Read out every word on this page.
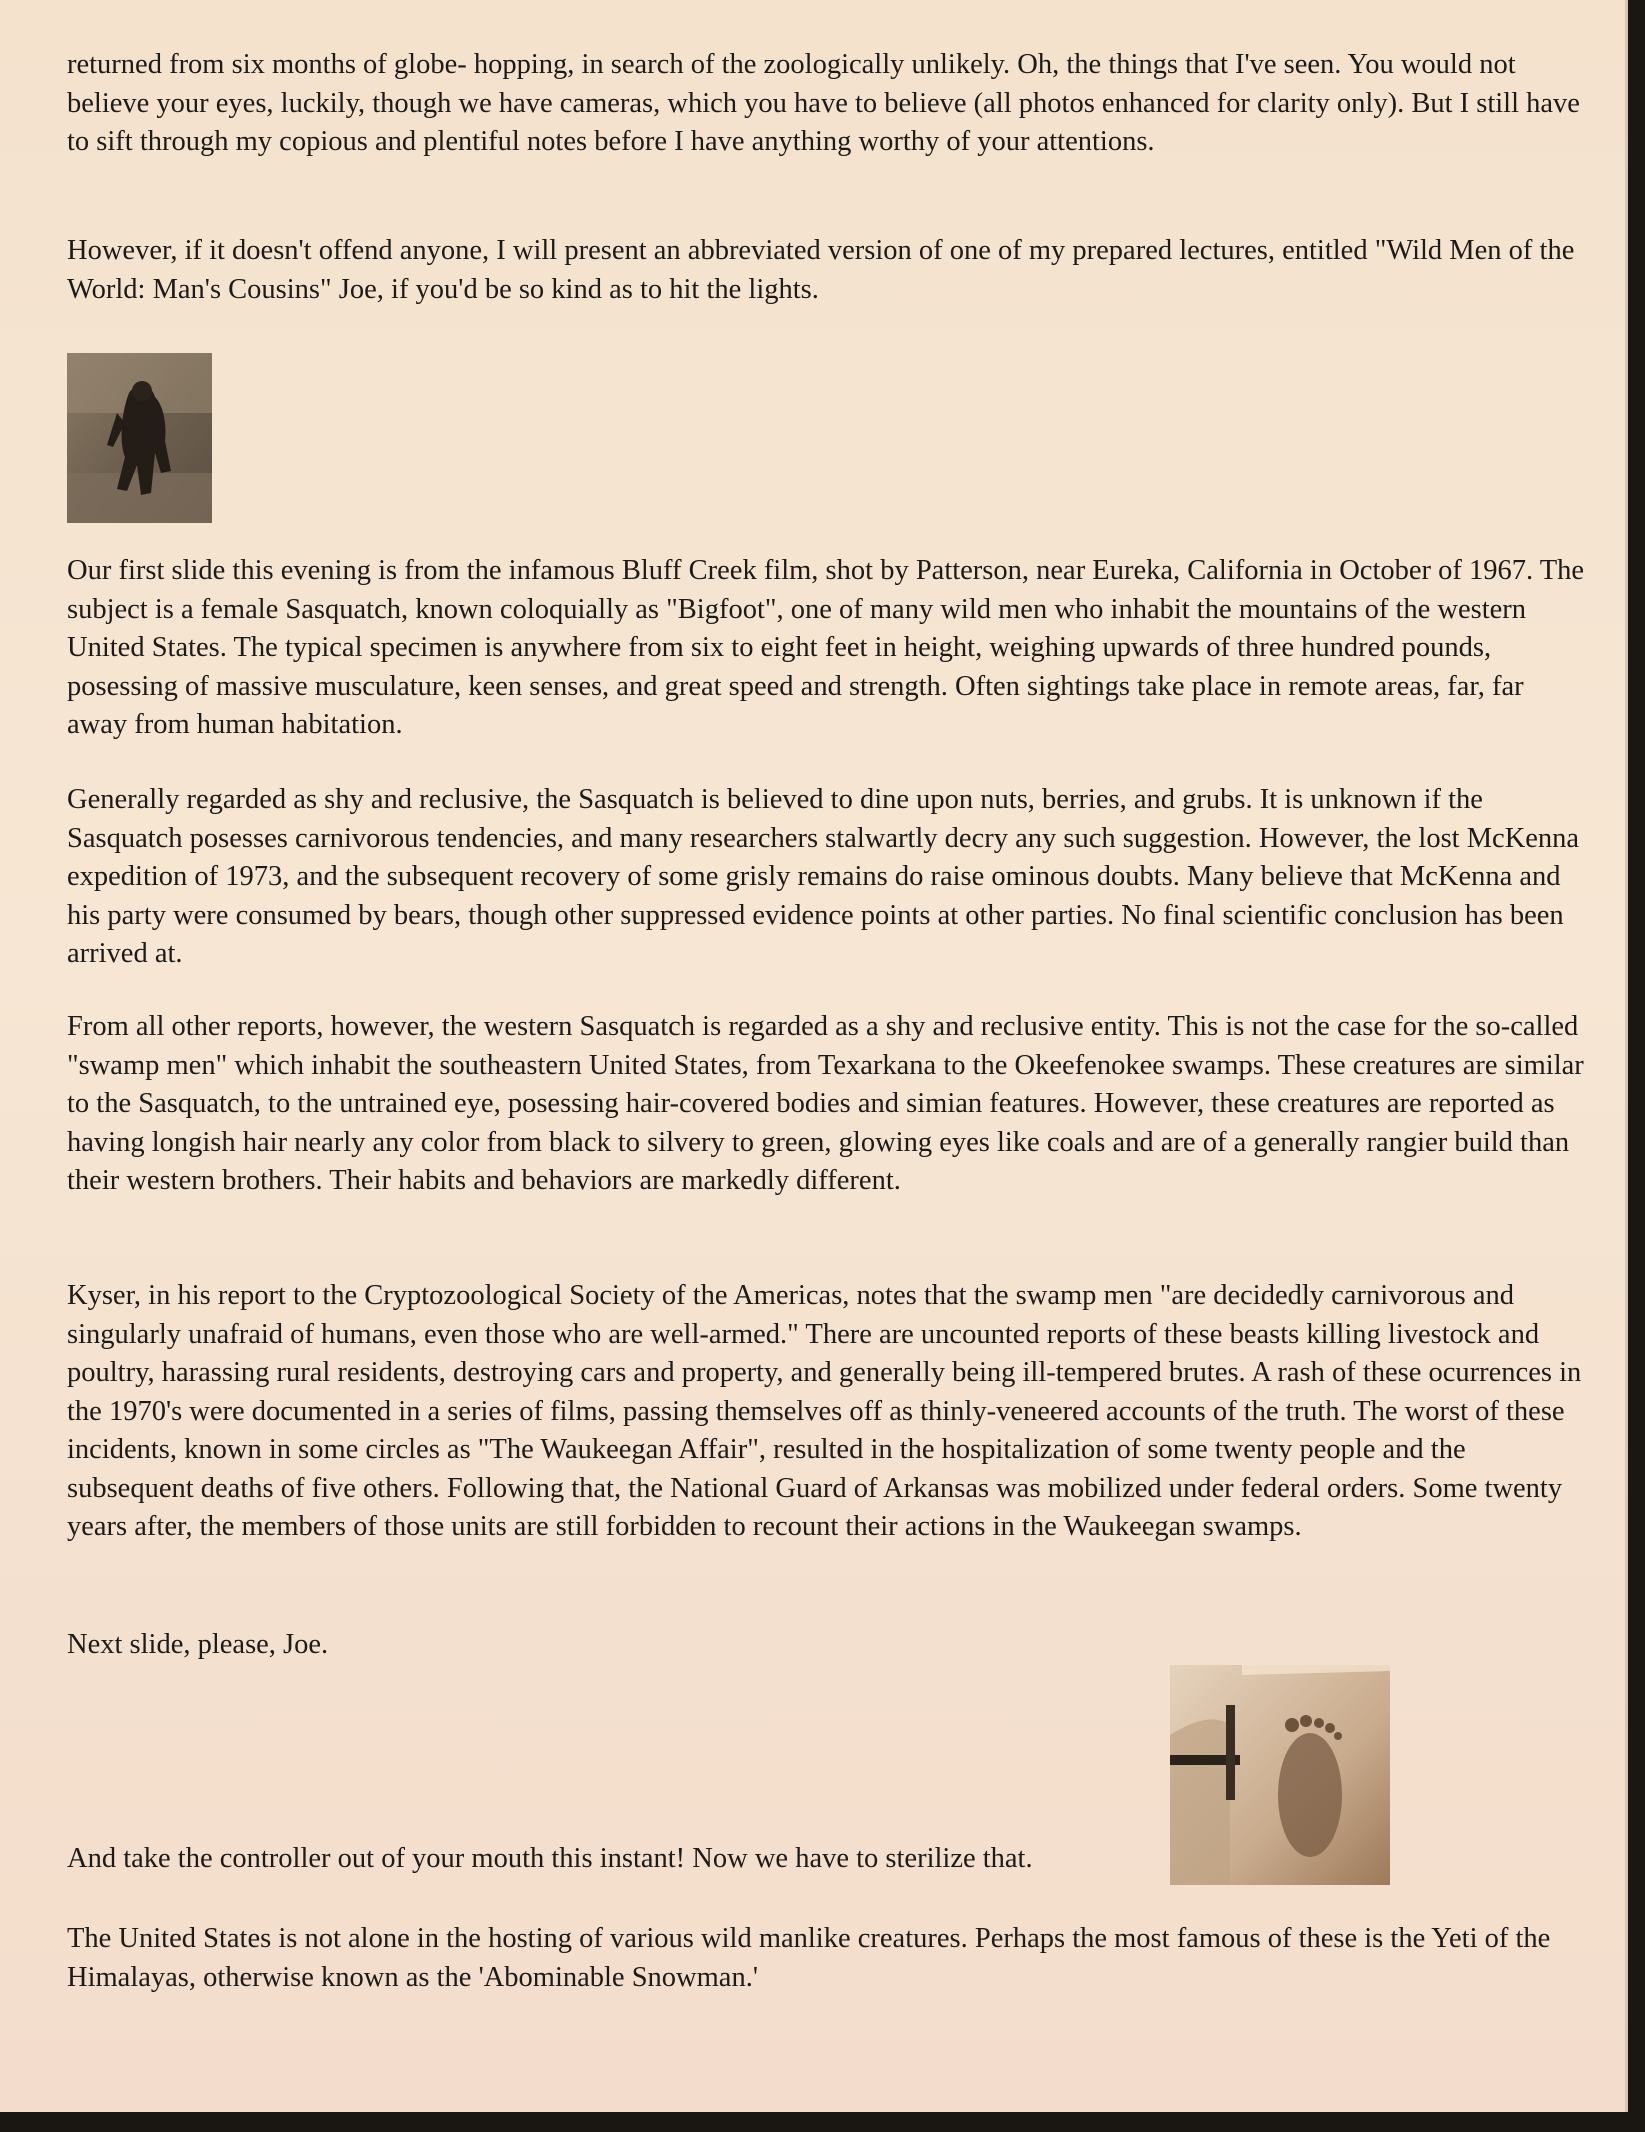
returned from six months of globe- hopping, in search of the zoologically unlikely. Oh, the things that I've seen. You would not believe your eyes, luckily, though we have cameras, which you have to believe (all photos enhanced for clarity only). But I still have to sift through my copious and plentiful notes before I have anything worthy of your attentions.

However, if it doesn't offend anyone, I will present an abbreviated version of one of my prepared lectures, entitled "Wild Men of the World: Man's Cousins" Joe, if you'd be so kind as to hit the lights.

Our first slide this evening is from the infamous Bluff Creek film, shot by Patterson, near Eureka, California in October of 1967. The subject is a female Sasquatch, known coloquially as "Bigfoot", one of many wild men who inhabit the mountains of the western United States. The typical specimen is anywhere from six to eight feet in height, weighing upwards of three hundred pounds, posessing of massive musculature, keen senses, and great speed and strength. Often sightings take place in remote areas, far, far away from human habitation.

Generally regarded as shy and reclusive, the Sasquatch is believed to dine upon nuts, berries, and grubs. It is unknown if the Sasquatch posesses carnivorous tendencies, and many researchers stalwartly decry any such suggestion. However, the lost McKenna expedition of 1973, and the subsequent recovery of some grisly remains do raise ominous doubts. Many believe that McKenna and his party were consumed by bears, though other suppressed evidence points at other parties. No final scientific conclusion has been arrived at.

From all other reports, however, the western Sasquatch is regarded as a shy and reclusive entity. This is not the case for the so-called "swamp men" which inhabit the southeastern United States, from Texarkana to the Okeefenokee swamps. These creatures are similar to the Sasquatch, to the untrained eye, posessing hair-covered bodies and simian features. However, these creatures are reported as having longish hair nearly any color from black to silvery to green, glowing eyes like coals and are of a generally rangier build than their western brothers. Their habits and behaviors are markedly different.

Kyser, in his report to the Cryptozoological Society of the Americas, notes that the swamp men "are decidedly carnivorous and singularly unafraid of humans, even those who are well-armed." There are uncounted reports of these beasts killing livestock and poultry, harassing rural residents, destroying cars and property, and generally being ill-tempered brutes. A rash of these ocurrences in the 1970's were documented in a series of films, passing themselves off as thinly-veneered accounts of the truth. The worst of these incidents, known in some circles as "The Waukeegan Affair", resulted in the hospitalization of some twenty people and the subsequent deaths of five others. Following that, the National Guard of Arkansas was mobilized under federal orders. Some twenty years after, the members of those units are still forbidden to recount their actions in the Waukeegan swamps.

Next slide, please, Joe.

And take the controller out of your mouth this instant! Now we have to sterilize that.

The United States is not alone in the hosting of various wild manlike creatures. Perhaps the most famous of these is the Yeti of the Himalayas, otherwise known as the 'Abominable Snowman.'
